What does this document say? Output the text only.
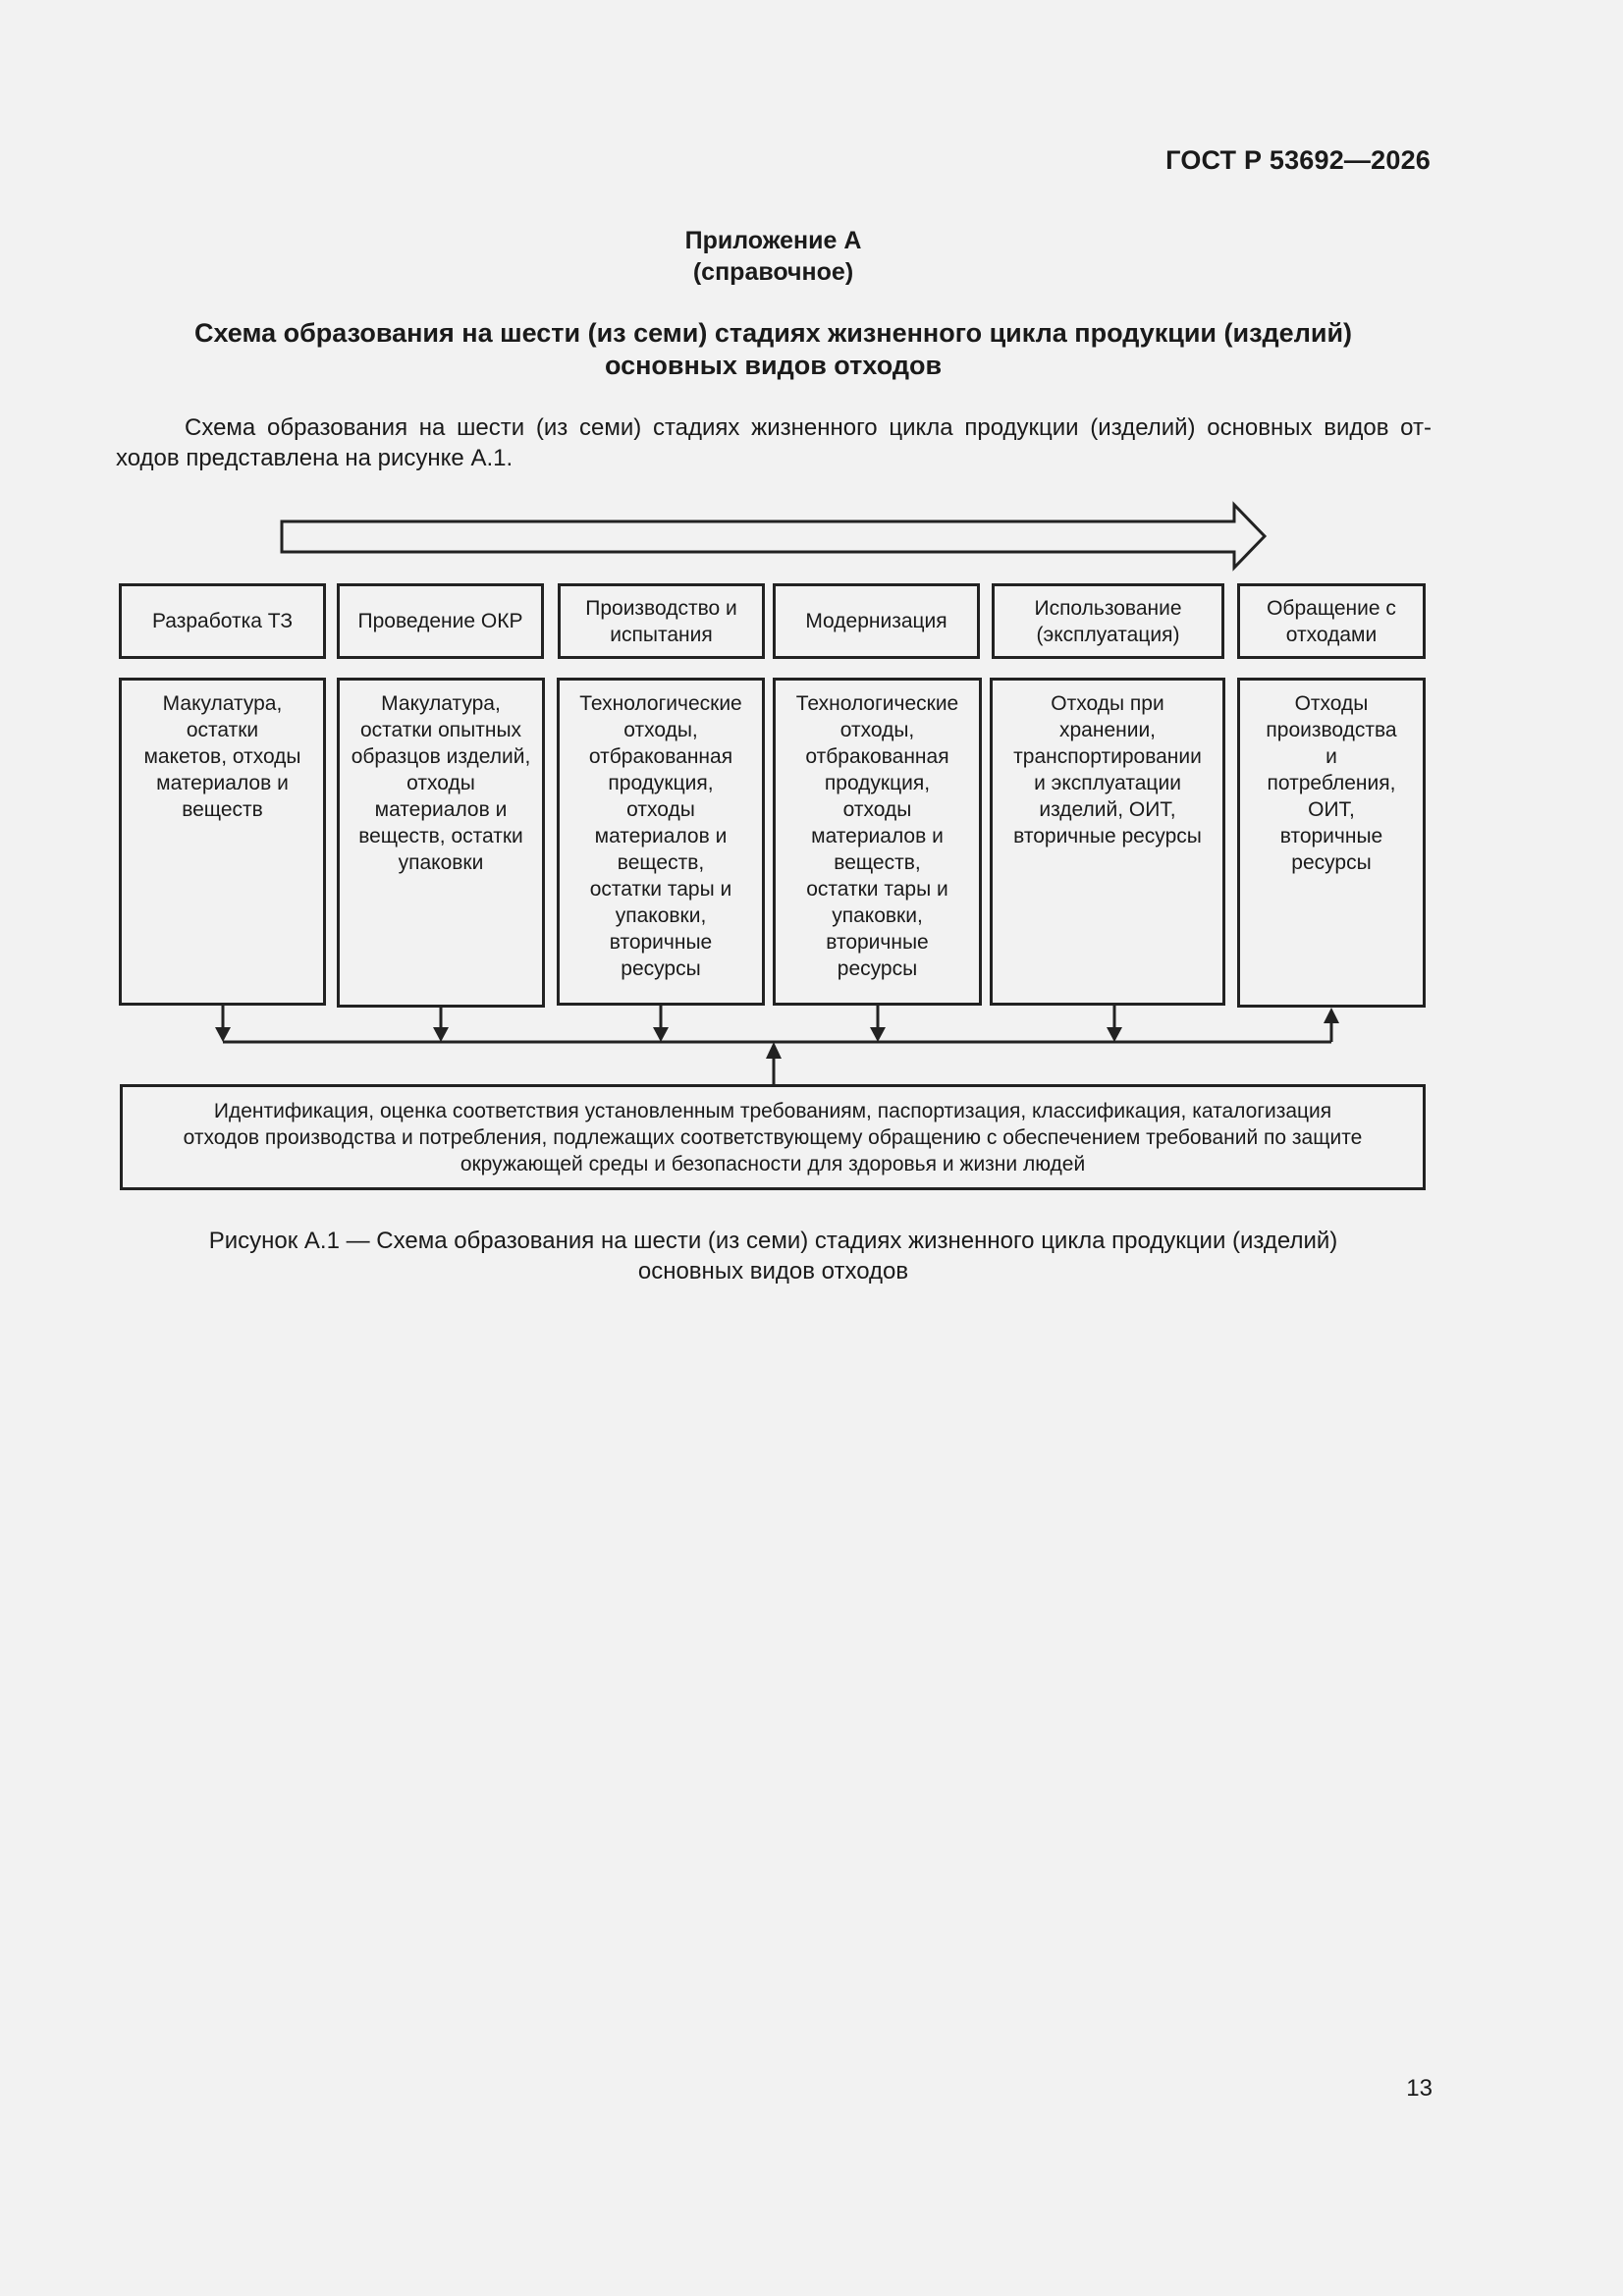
ГОСТ Р 53692—2026
Приложение А
(справочное)
Схема образования на шести (из семи) стадиях жизненного цикла продукции (изделий)
основных видов отходов
Схема образования на шести (из семи) стадиях жизненного цикла продукции (изделий) основных видов от-
ходов представлена на рисунке А.1.
Разработка ТЗ	Проведение ОКР
Производство и
испытания
Модернизация
Использование
(эксплуатация)
Обращение с
отходами
Макулатура,
остатки
макетов, отходы
материалов и
веществ
Макулатура,
остатки опытных
образцов изделий,
отходы
материалов и
веществ, остатки
упаковки
Технологические
отходы,
отбракованная
продукция,
отходы
материалов и
веществ,
остатки тары и
упаковки,
вторичные
ресурсы
Технологические
отходы,
отбракованная
продукция,
отходы
материалов и
веществ,
остатки тары и
упаковки,
вторичные
ресурсы
Отходы при
хранении,
транспортировании
и эксплуатации
изделий, ОИТ,
вторичные ресурсы
Отходы
производства
и
потребления,
ОИТ,
вторичные
ресурсы
Идентификация, оценка соответствия установленным требованиям, паспортизация, классификация, каталогизация
отходов производства и потребления, подлежащих соответствующему обращению с обеспечением требований по защите
окружающей среды и безопасности для здоровья и жизни людей
Рисунок А.1 — Схема образования на шести (из семи) стадиях жизненного цикла продукции (изделий)
основных видов отходов
13
